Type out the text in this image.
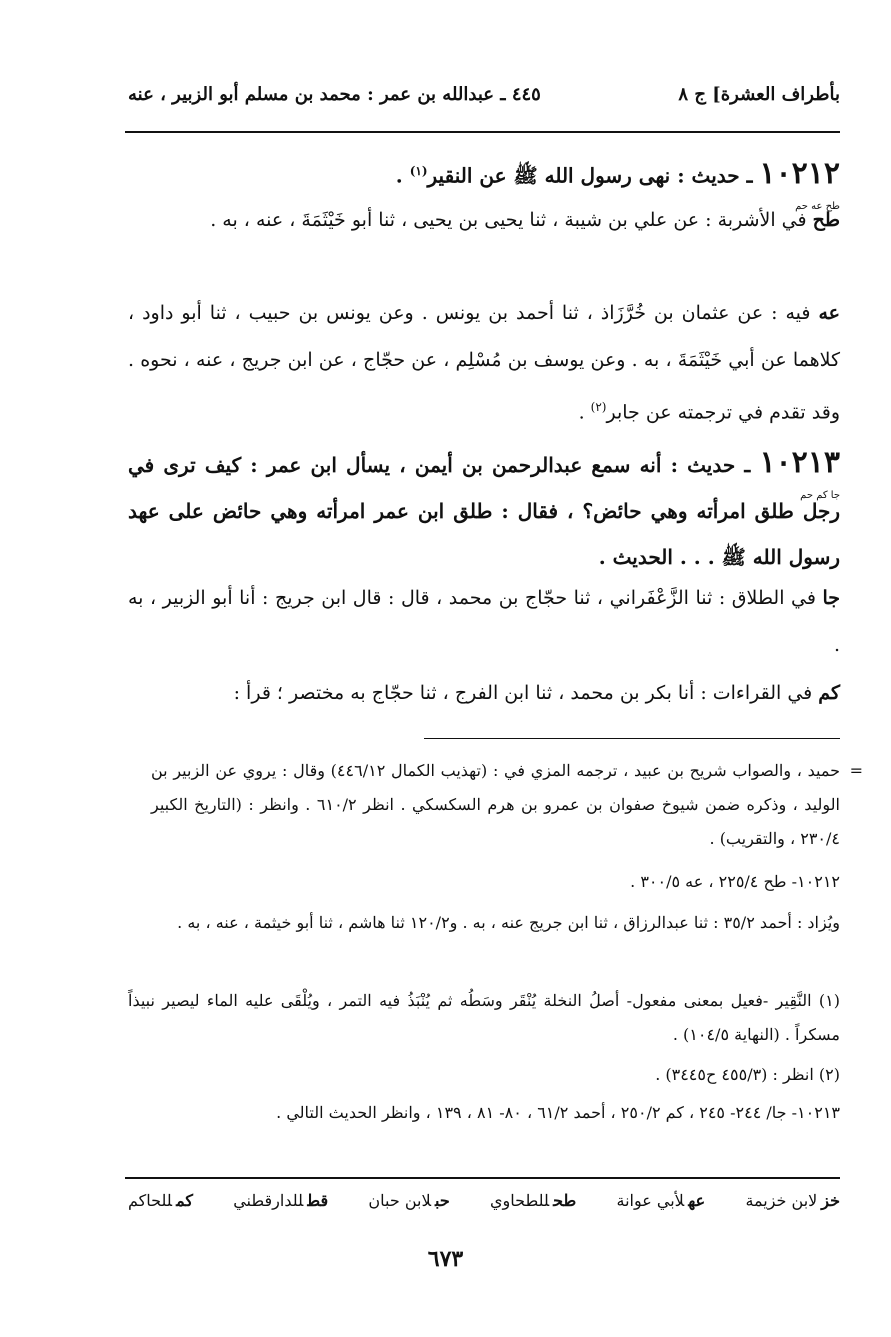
بأطراف العشرة] ج ٨
٤٤٥ ـ عبدالله بن عمر : محمد بن مسلم أبو الزبير ، عنه
١٠٢١٢
طح عه حم
ـ حديث : نهى رسول الله ﷺ عن النقير$^{(١)}$ .
طح في الأشربة : عن علي بن شيبة ، ثنا يحيى بن يحيى ، ثنا أبو خَيْثَمَةَ ، عنه ، به .
عه فيه : عن عثمان بن خُرَّزَاذ ، ثنا أحمد بن يونس . وعن يونس بن حبيب ، ثنا أبو داود ، كلاهما عن أبي خَيْثَمَةَ ، به . وعن يوسف بن مُسْلِم ، عن حجّاج ، عن ابن جريج ، عنه ، نحوه . وقد تقدم في ترجمته عن جابر$^{(٢)}$ .
١٠٢١٣
جا كم حم
ـ حديث : أنه سمع عبدالرحمن بن أيمن ، يسأل ابن عمر : كيف ترى في رجل طلق امرأته وهي حائض؟ ، فقال : طلق ابن عمر امرأته وهي حائض على عهد رسول الله ﷺ . . . الحديث .
جا في الطلاق : ثنا الزَّعْفَراني ، ثنا حجّاج بن محمد ، قال : قال ابن جريج : أنا أبو الزبير ، به .
كم في القراءات : أنا بكر بن محمد ، ثنا ابن الفرج ، ثنا حجّاج به مختصر ؛ قرأ :
=
حميد ، والصواب شريح بن عبيد ، ترجمه المزي في : (تهذيب الكمال ٤٤٦/١٢) وقال : يروي عن الزبير بن الوليد ، وذكره ضمن شيوخ صفوان بن عمرو بن هرم السكسكي . انظر ٦١٠/٢ . وانظر : (التاريخ الكبير ٢٣٠/٤ ، والتقريب) .
١٠٢١٢- طح ٢٢٥/٤ ، عه ٣٠٠/٥ .
ويُزاد : أحمد ٣٥/٢ : ثنا عبدالرزاق ، ثنا ابن جريج عنه ، به . و١٢٠/٢ ثنا هاشم ، ثنا أبو خيثمة ، عنه ، به .
(١) النَّقِير -فعيل بمعنى مفعول- أصلُ النخلة يُنْقَر وسَطُه ثم يُنْبَذُ فيه التمر ، ويُلْقَى عليه الماء ليصير نبيذاً مسكراً . (النهاية ١٠٤/٥) .
(٢) انظر : (٤٥٥/٣ ح٣٤٤٥) .
١٠٢١٣- جا/ ٢٤٤- ٢٤٥ ، كم ٢٥٠/٢ ، أحمد ٦١/٢ ، ٨٠- ٨١ ، ١٣٩ ، وانظر الحديث التالي .
خزلابن خزيمة
عهلأبي عوانة
طحللطحاوي
حبلابن حبان
قطللدارقطني
كمللحاكم
٦٧٣
